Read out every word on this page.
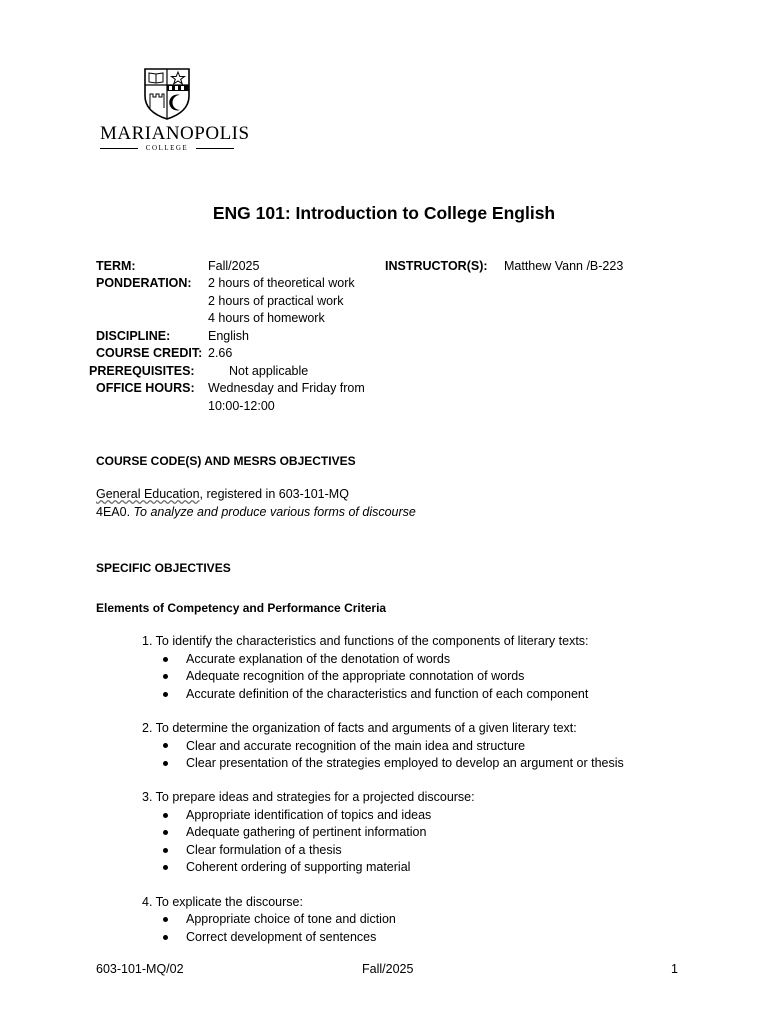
MARIANOPOLIS
COLLEGE
ENG 101: Introduction to College English
TERM:	Fall/2025	INSTRUCTOR(S): Matthew Vann /B-223
PONDERATION: 2 hours of theoretical work
2 hours of practical work
4 hours of homework
DISCIPLINE:	English
COURSE CREDIT: 2.66
PREREQUISITES:	Not applicable
OFFICE HOURS: Wednesday and Friday from
10:00-12:00
COURSE CODE(S) AND MESRS OBJECTIVES
General Education, registered in 603-101-MQ
4EA0. To analyze and produce various forms of discourse
SPECIFIC OBJECTIVES
Elements of Competency and Performance Criteria
1. To identify the characteristics and functions of the components of literary texts:
Accurate explanation of the denotation of words
Adequate recognition of the appropriate connotation of words
Accurate definition of the characteristics and function of each component
2. To determine the organization of facts and arguments of a given literary text:
Clear and accurate recognition of the main idea and structure
Clear presentation of the strategies employed to develop an argument or thesis
3. To prepare ideas and strategies for a projected discourse:
Appropriate identification of topics and ideas
Adequate gathering of pertinent information
Clear formulation of a thesis
Coherent ordering of supporting material
4. To explicate the discourse:
Appropriate choice of tone and diction
Correct development of sentences
603-101-MQ/02	Fall/2025	1
